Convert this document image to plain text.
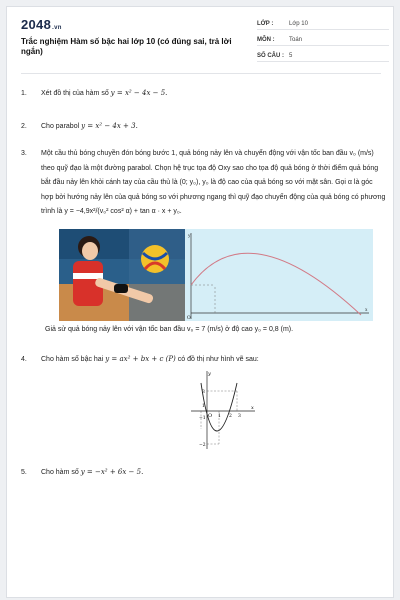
2048.vn
Trắc nghiệm Hàm số bậc hai lớp 10 (có đúng sai, trả lời ngắn)
LỚP :	Lớp 10
MÔN : Toán
SỐ CÂU : 5
1. Xét đồ thị của hàm số y = x² − 4x − 5.
2. Cho parabol y = x² − 4x + 3.
3. Một cầu thủ bóng chuyền đón bóng bước 1, quả bóng nảy lên và chuyển động với vận tốc ban đầu v₀ (m/s) theo quỹ đạo là một đường parabol. Chọn hệ trục tọa độ Oxy sao cho tọa độ quả bóng ở thời điểm quả bóng bắt đầu nảy lên khỏi cánh tay của cầu thủ là (0; y₀), y₀ là độ cao của quả bóng so với mặt sân. Gọi α là góc hợp bởi hướng nảy lên của quả bóng so với phương ngang thì quỹ đạo chuyển động của quả bóng có phương trình là y = −4,9x²/(v₀² cos² α) + tan α · x + y₀.
y
x
O
Giả sử quả bóng nảy lên với vận tốc ban đầu v₀ = 7 (m/s) ở độ cao y₀ = 0,8 (m).
4. Cho hàm số bậc hai y = ax² + bx + c (P) có đồ thị như hình vẽ sau:
y
x
O
3
1
−1
−2
1 2 3
5. Cho hàm số y = −x² + 6x − 5.
